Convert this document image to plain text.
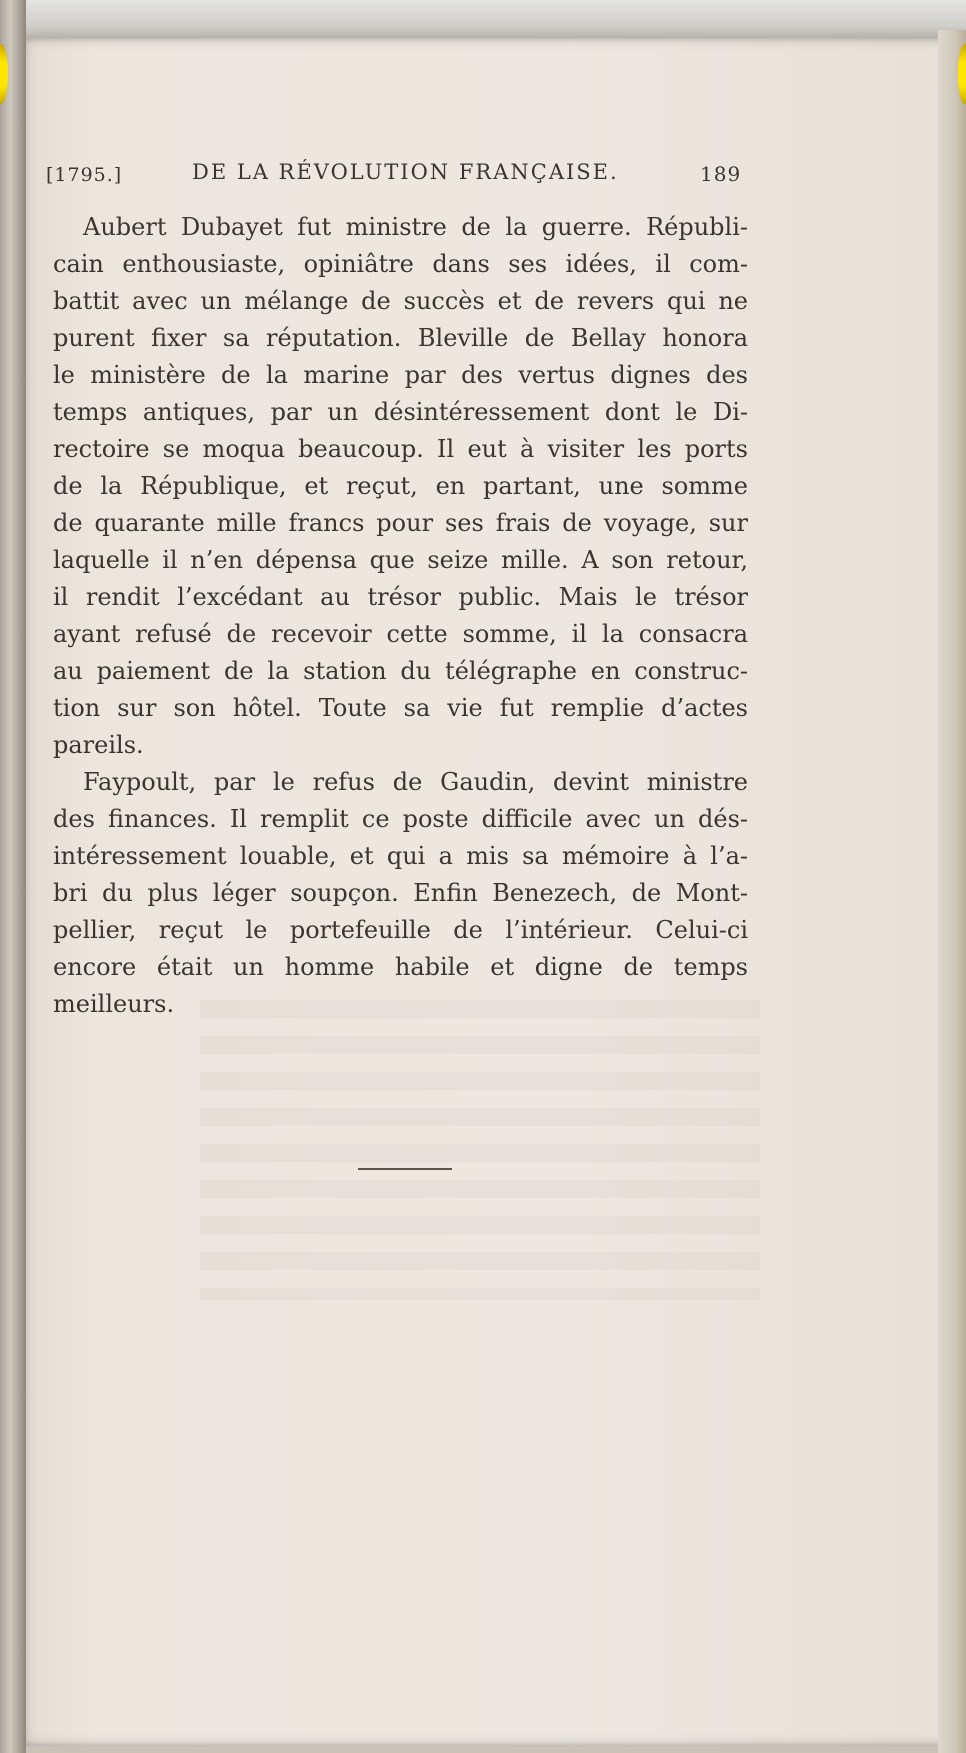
[1795.]	DE LA RÉVOLUTION FRANÇAISE.	189
Aubert Dubayet fut ministre de la guerre. Républi-
cain enthousiaste, opiniâtre dans ses idées, il com-
battit avec un mélange de succès et de revers qui ne
purent fixer sa réputation. Bleville de Bellay honora
le ministère de la marine par des vertus dignes des
temps antiques, par un désintéressement dont le Di-
rectoire se moqua beaucoup. Il eut à visiter les ports
de la République, et reçut, en partant, une somme
de quarante mille francs pour ses frais de voyage, sur
laquelle il n’en dépensa que seize mille. A son retour,
il rendit l’excédant au trésor public. Mais le trésor
ayant refusé de recevoir cette somme, il la consacra
au paiement de la station du télégraphe en construc-
tion sur son hôtel. Toute sa vie fut remplie d’actes
pareils.
Faypoult, par le refus de Gaudin, devint ministre
des finances. Il remplit ce poste difficile avec un dés-
intéressement louable, et qui a mis sa mémoire à l’a-
bri du plus léger soupçon. Enfin Benezech, de Mont-
pellier, reçut le portefeuille de l’intérieur. Celui-ci
encore était un homme habile et digne de temps
meilleurs.
